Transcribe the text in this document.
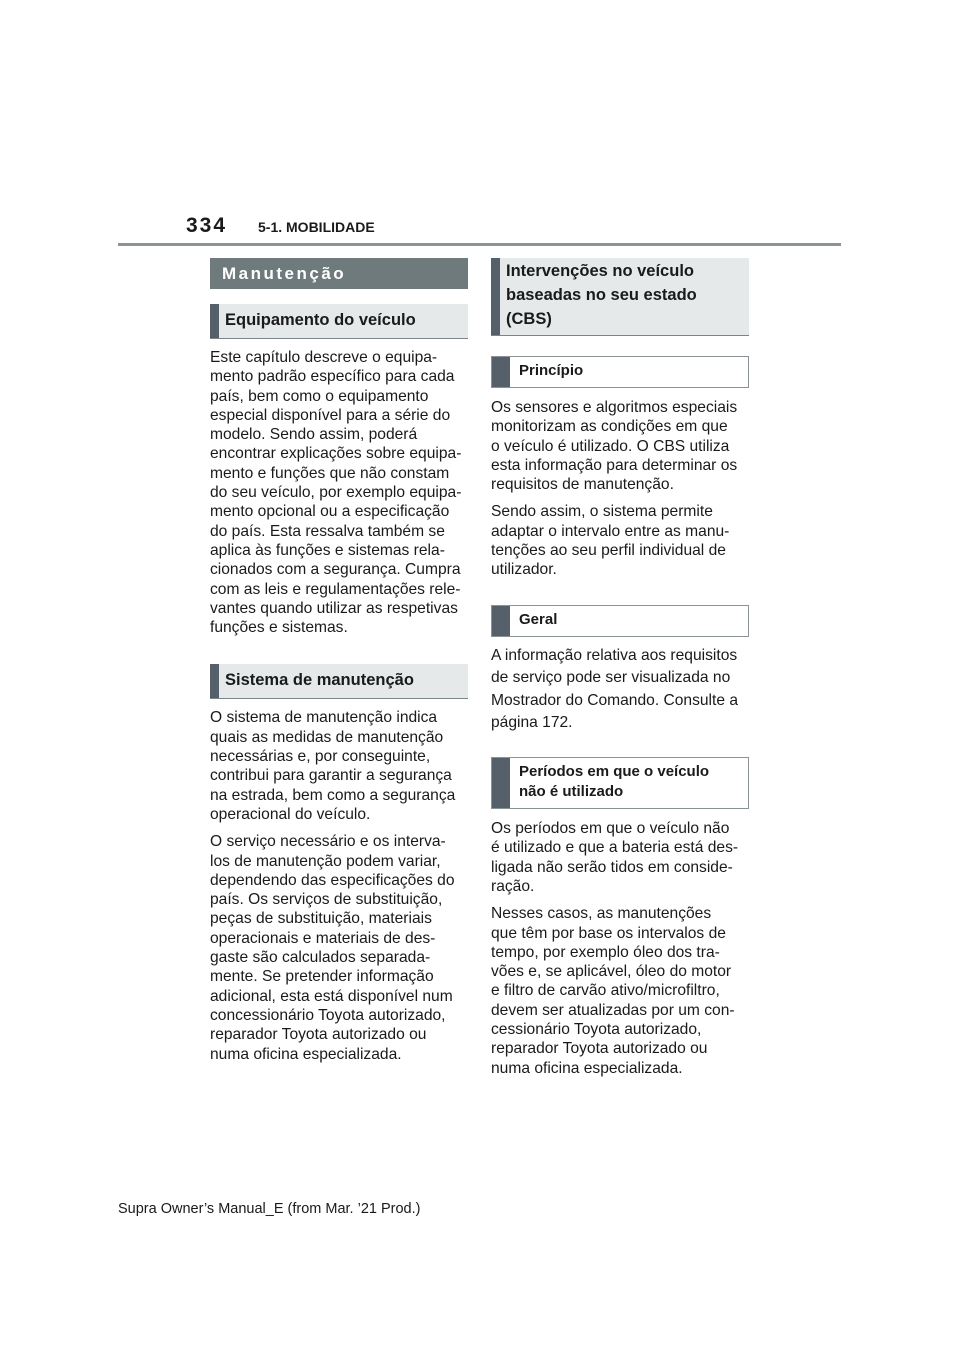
334 5-1. MOBILIDADE
Manutenção
Equipamento do veículo

Este capítulo descreve o equipa-
mento padrão específico para cada
país, bem como o equipamento
especial disponível para a série do
modelo. Sendo assim, poderá
encontrar explicações sobre equipa-
mento e funções que não constam
do seu veículo, por exemplo equipa-
mento opcional ou a especificação
do país. Esta ressalva também se
aplica às funções e sistemas rela-
cionados com a segurança. Cumpra
com as leis e regulamentações rele-
vantes quando utilizar as respetivas
funções e sistemas.

Sistema de manutenção

O sistema de manutenção indica
quais as medidas de manutenção
necessárias e, por conseguinte,
contribui para garantir a segurança
na estrada, bem como a segurança
operacional do veículo.

O serviço necessário e os interva-
los de manutenção podem variar,
dependendo das especificações do
país. Os serviços de substituição,
peças de substituição, materiais
operacionais e materiais de des-
gaste são calculados separada-
mente. Se pretender informação
adicional, esta está disponível num
concessionário Toyota autorizado,
reparador Toyota autorizado ou
numa oficina especializada.

Intervenções no veículo
baseadas no seu estado (CBS)
Princípio

Os sensores e algoritmos especiais
monitorizam as condições em que
o veículo é utilizado. O CBS utiliza
esta informação para determinar os
requisitos de manutenção.

Sendo assim, o sistema permite
adaptar o intervalo entre as manu-
tenções ao seu perfil individual de
utilizador.

Geral

A informação relativa aos requisitos
de serviço pode ser visualizada no
Mostrador do Comando. Consulte a
página 172.

Períodos em que o veículo
não é utilizado

Os períodos em que o veículo não
é utilizado e que a bateria está des-
ligada não serão tidos em conside-
ração.

Nesses casos, as manutenções
que têm por base os intervalos de
tempo, por exemplo óleo dos tra-
vões e, se aplicável, óleo do motor
e filtro de carvão ativo/microfiltro,
devem ser atualizadas por um con-
cessionário Toyota autorizado,
reparador Toyota autorizado ou
numa oficina especializada.

Supra Owner’s Manual_E (from Mar. ’21 Prod.)
